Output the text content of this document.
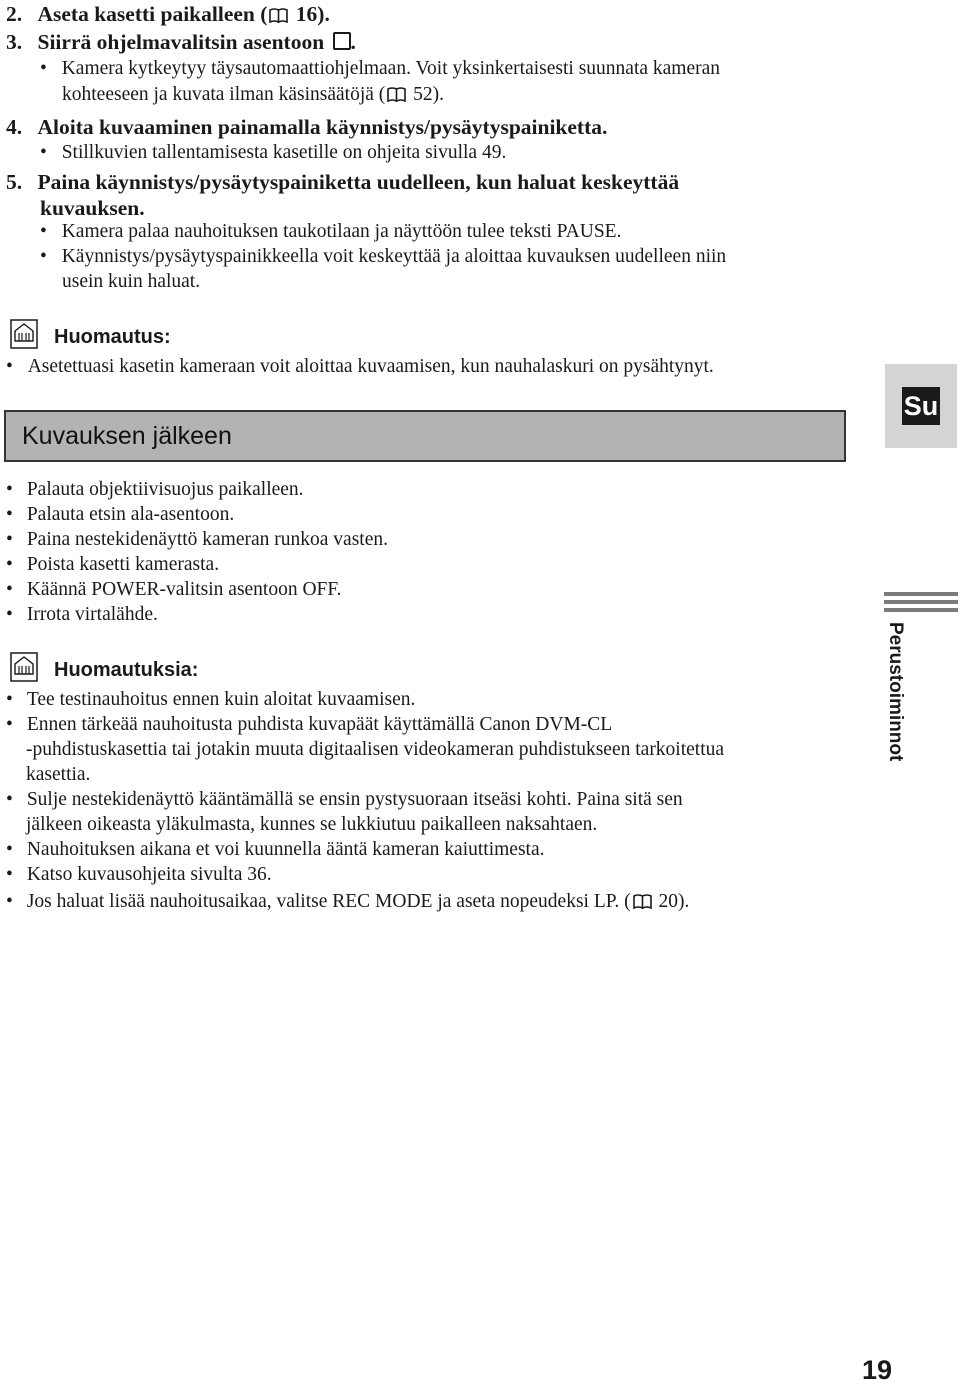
2. Aseta kasetti paikalleen (
16).
3. Siirrä ohjelmavalitsin asentoon .
• Kamera kytkeytyy täysautomaattiohjelmaan. Voit yksinkertaisesti suunnata kameran
kohteeseen ja kuvata ilman käsinsäätöjä (
52).
4. Aloita kuvaaminen painamalla käynnistys/pysäytyspainiketta.
• Stillkuvien tallentamisesta kasetille on ohjeita sivulla 49.
5. Paina käynnistys/pysäytyspainiketta uudelleen, kun haluat keskeyttää
kuvauksen.
• Kamera palaa nauhoituksen taukotilaan ja näyttöön tulee teksti PAUSE.
• Käynnistys/pysäytyspainikkeella voit keskeyttää ja aloittaa kuvauksen uudelleen niin
usein kuin haluat.
Huomautus:
• Asetettuasi kasetin kameraan voit aloittaa kuvaamisen, kun nauhalaskuri on pysähtynyt.
Kuvauksen jälkeen
• Palauta objektiivisuojus paikalleen.
• Palauta etsin ala-asentoon.
• Paina nestekidenäyttö kameran runkoa vasten.
• Poista kasetti kamerasta.
• Käännä POWER-valitsin asentoon OFF.
• Irrota virtalähde.
Huomautuksia:
• Tee testinauhoitus ennen kuin aloitat kuvaamisen.
• Ennen tärkeää nauhoitusta puhdista kuvapäät käyttämällä Canon DVM-CL
-puhdistuskasettia tai jotakin muuta digitaalisen videokameran puhdistukseen tarkoitettua
kasettia.
• Sulje nestekidenäyttö kääntämällä se ensin pystysuoraan itseäsi kohti. Paina sitä sen
jälkeen oikeasta yläkulmasta, kunnes se lukkiutuu paikalleen naksahtaen.
• Nauhoituksen aikana et voi kuunnella ääntä kameran kaiuttimesta.
• Katso kuvausohjeita sivulta 36.
• Jos haluat lisää nauhoitusaikaa, valitse REC MODE ja aseta nopeudeksi LP. (
20).
Su
Perustoiminnot
19
